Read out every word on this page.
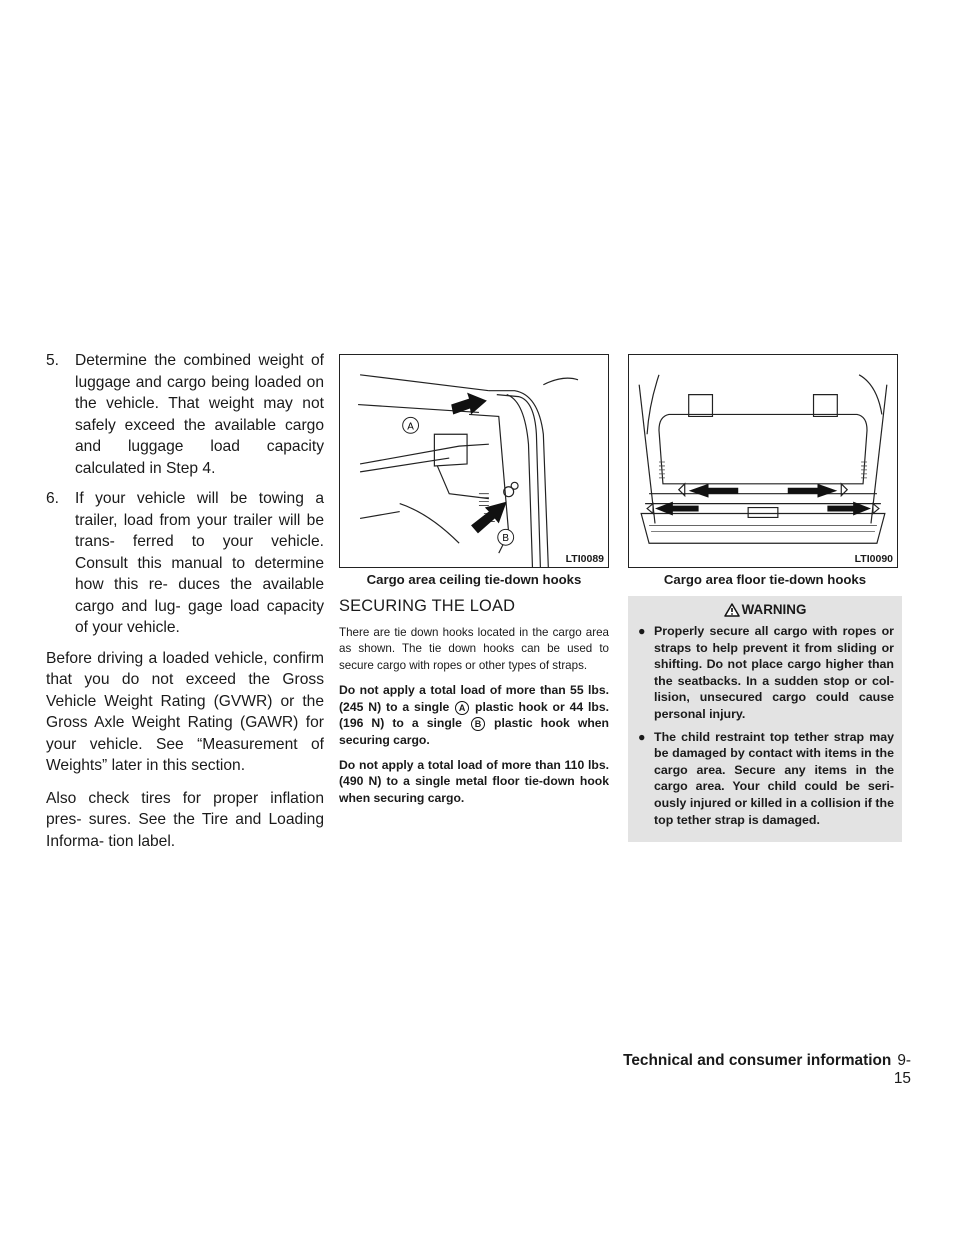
5. Determine the combined weight of luggage and cargo being loaded on the vehicle. That weight may not safely exceed the available cargo and luggage load capacity calculated in Step 4.

6. If your vehicle will be towing a trailer, load from your trailer will be trans- ferred to your vehicle. Consult this manual to determine how this re- duces the available cargo and lug- gage load capacity of your vehicle.

Before driving a loaded vehicle, confirm that you do not exceed the Gross Vehicle Weight Rating (GVWR) or the Gross Axle Weight Rating (GAWR) for your vehicle. See “Measurement of Weights” later in this section.

Also check tires for proper inflation pres- sures. See the Tire and Loading Informa- tion label.

A
B
LTI0089
Cargo area ceiling tie-down hooks
SECURING THE LOAD

There are tie down hooks located in the cargo area as shown. The tie down hooks can be used to secure cargo with ropes or other types of straps.

Do not apply a total load of more than 55 lbs. (245 N) to a single A plastic hook or 44 lbs. (196 N) to a single B plastic hook when securing cargo.

Do not apply a total load of more than 110 lbs. (490 N) to a single metal floor tie-down hook when securing cargo.

LTI0090
Cargo area floor tie-down hooks
WARNING
● Properly secure all cargo with ropes or straps to help prevent it from sliding or shifting. Do not place cargo higher than the seatbacks. In a sudden stop or col- lision, unsecured cargo could cause personal injury.
● The child restraint top tether strap may be damaged by contact with items in the cargo area. Secure any items in the cargo area. Your child could be seri- ously injured or killed in a collision if the top tether strap is damaged.
Technical and consumer information 9-15
